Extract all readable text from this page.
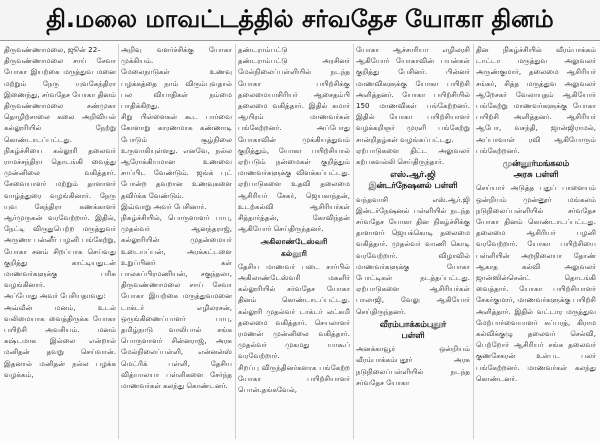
தி.மலை மாவட்டத்தில் சர்வதேச யோகா தினம்

திருவண்ணாமலை, ஜூன் 22–
திருவண்ணாமலை சாய் சேவா யோகா இயற்கை மருத்துவ மனை மற்றும் நேரு யுவகேந்திரா இணைந்து, சர்வதேச யோகா தினம் திருவண்ணாமலை சண்முகா தொழிற்சாலை கலை அறிவியல் கல்லூரியில் நேற்று கொண்டாடப்பட்டது.
நிகழ்ச்சியை கல்லூரி தலைவர் ராமச்சந்திரா தொடங்கி வைத்து முன்னிலை வகித்தார். சேவையாளர் மற்றும் தாளாளர் வாழ்த்துரை வழங்கினார். நேரு யுவ கேந்திரா கணக்காளர் ஆர்முருகன் வரவேற்றார். இதில், நேட்டி விருதுபெற்ற மருத்துவர் அருணா பன்னீர் பழனி பங்கேற்று, யோகா சனம் சிறப்பாக செய்வது குறித்து காட்டியதுடன் மாணவர்களுக்கு பரிசு வழங்கினார்.
அப்போது அவர் பேசியதாவது:
அவ்வீன் மனம், உடல் வலிமையாக வைத்திருக்க யோகா பயிற்சி அவசியம். மனம் கஷ்டமாக இல்லை என்றால் மனிதன் தவறு செய்வான். இதனால் மனிதன் நல்ல பழக்க வழக்கம்,

அறிவு வளர்ச்சிக்கு யோகா முக்கியம்.
மேலைநாடுகள் உணவு பழக்கத்தை நாம் விரும்புவதால் பல வியாதிகள் நம்மை பாதிக்கிறது.
சிறு பிள்ளைகள் கூட பார்வை கோளாறு காரணமாக கண்ணாடி போடும் சூழ்நிலை உருவாகியுள்ளது. எனவே, நல்ல ஆரோக்கியமான உணவை சாப்பிட வேண்டும். ஜங்க் புட் போன்ற தவறான உணவுகளை தவிர்க்க வேண்டும்.
இவ்வாறு அவர் பேசினார்.
நிகழ்ச்சியில், பொருளாளர் பாபு, முதல்வர் ஆனந்தராஜ், கல்லூரியின் முதன்மையர் உடையப்பன், அரக்கட்டளை உறுப்பினர் கள் பாலசுப்பிரமணியன், சகுந்தலா, திருவண்ணாமலை சாய் சேவா யோகா இயற்கை மருத்துவமனை டாக்டர் எழிலரசன், ஒருங்கிணைப்பாளர் பாபு, தமிழ்நாடு வாலிபால் சங்க பொருளாளர் சின்னராஜ், அரசு மேல்நிலைப்பள்ளி, என்னன்ஸ் மெட்ரிக் பள்ளி, தேசிய வித்யாலயா பள்ளிகளை சேர்ந்த மாணவர்கள் கலந்து கொண்டனர்.

தண்டராம்பட்டு
தண்டராம்பட்டு அரசினர் மேல்நிலைப்பள்ளியில் நடந்த யோகா பயிற்சிக்கு தலைமையாசிரியர் ஆசைதம்பி தலைமை வகித்தார். இதில் சுமார் ஆயிரம் மாணவர்கள் பங்கேற்றனர். அப்போது யோகாவின் முக்கியத்துவம் குறித்தும், யோகா பயிற்சியால் ஏற்படும் நன்மைகள் குறித்தும் மாணவர்களுக்கு விளக்கப்பட்டது. ஏற்பாடுகளை உதவி தலைமை ஆசிரியர் சேகர், ஜெயகாந்தன், உடற்கல்வி ஆசிரியர்கள் சித்தார்த்தன், கோவிந்தன் ஆகியோர் செய்திருந்தனர்.

அகிலாண்டேஸ்வரி
கல்லூரி

தேசிய மாணவர் படை சார்பில் அகிலாண்டேஸ்வரி மகளிர் கல்லூரியில் சர்வதேச யோகா தினம் கொண்டாடப்பட்டது. கல்லூரி முதல்வர் டாக்டர் லட்சுமி தலைமை வகித்தார். செயலாளர் ரமணன் முன்னிலை வகித்தார். முதல்வர் முகமது யாகூப் வரவேற்றார்.
சிறப்பு விருந்தினர்களாக பங்கேற்ற யோகா பயிற்சியாளர் பொன்.தங்கவேல்,

யோகா ஆச்சாரியா எழிலரசி ஆகியோர் யோகாவின் பயன்கள் குறித்து பேசினர். பின்னர் மாணவிகளுக்கு யோகா பயிற்சி அளித்தனர். யோகா பயிற்சியில் 150 மாணவிகள் பங்கேற்றனர். இதில் யோகா பயிற்சியாளர் வழக்கறிஞர் முரளி பங்கேற்று சான்றிதழ்கள் வழங்கப்பட்டது.
ஏற்பாடுகளை திட்ட அலுவலர் கற்பகவல்லி செய்திருந்தார்.

எஸ்.ஆர்.ஜி
இன்டர்நேஷனல் பள்ளி

வந்தவாசி எஸ்.ஆர்.ஜி இன்டர்நேஷனல் பள்ளியில் நடந்த சர்வதேச யோகா தின நிகழ்ச்சிக்கு தாளாளர் ஜெயக்கொடி தலைமை வகித்தார். முதல்வர் வாணி கொடி வரவேற்றார். விழாவில் மாணவர்களுக்கு யோகா போட்டிகள் நடத்தப்பட்டது. ஏற்பாடுகளை ஆசிரியர்கள் பாலாஜி, வேலு ஆகியோர் செய்திருந்தனர்.

வீரம்பாக்கம்புதூர்
பள்ளி

அனக்காவூர் ஒன்றியம் வீரம்பாக்கம்புதூர் அரசு நடுநிலைப்பள்ளியில் நடந்த சர்வதேச யோகா

தின நிகழ்ச்சியில் வீரம்பாக்கம் டாட்டா மருத்துவ அலுவலர் அருண்குமார், தலைமை ஆசிரியர் சங்கர், சித்த மருத்துவ அலுவலர் ஆறேசகர் வேலாயுதம் ஆகியோர் பங்கேற்று மாணவர்களுக்கு யோகா பயிற்சி அளித்தனர். ஆசிரியர் ஆபோ, வசந்தி, ஜான்ஜிராமல், அப்பாவாள் ரவி ஆகியோரும் பங்கேற்றனர்.

முன்னூர்மங்கலம்
அரசு பள்ளி

செய்யார் அடுத்த புதுப் பாளையம் ஒன்றியம் முன்னூர் மங்கலம் நடுநிலைப்பள்ளியில் சர்வதேச யோகா தினம் கொண்டாடப்பட்டது. தலைமை ஆசிரியர் பழனி வரவேற்றார். யோகா பயிற்சியை பள்ளியின் அறநிலையா தோண் ஆகாத கல்வி அலுவலர் ஜான்ஸின்சென்ட் தொடங்கி வைத்தார். யோகா பயிற்சியாளர் சேகர்குமார், மாணவர்களுக்கு பயிற்சி அளித்தார். இதில் வட்டார மருத்துவ மேற்பார்வையாளர் சுப்பரத், கிராம கல்விக்குழு தலைவர் செல்வி, பெற்றோர் ஆசிரியர் சங்க தலைவர் குணசேகரன் உள்பட பலர் பங்கேற்றனர். மாணவர்கள் கலந்து கொண்டனர்.
